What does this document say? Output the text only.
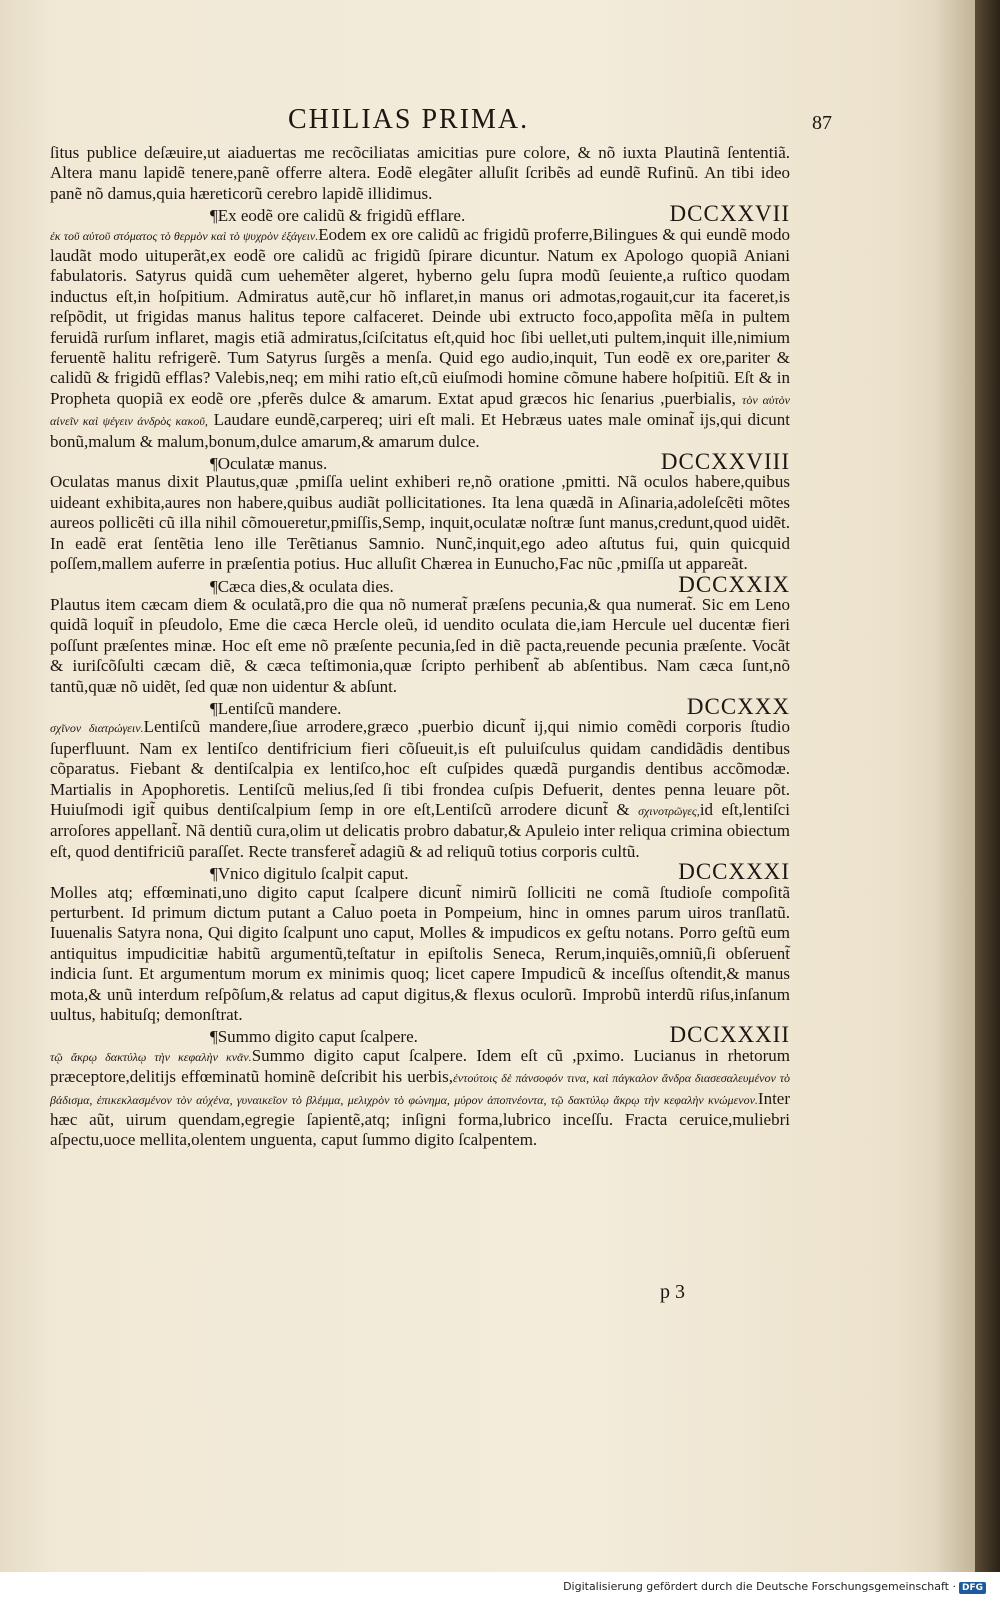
CHILIAS PRIMA.	87

ſitus publice deſæuire,ut aiaduertas me recõciliatas amicitias pure colore, & nõ iuxta Plautinã ſententiã. Altera manu lapidẽ tenere,panẽ offerre altera. Eodẽ elegãter alluſit ſcribẽs ad eundẽ Rufinũ. An tibi ideo panẽ nõ damus,quia hæreticorũ cerebro lapidẽ illidimus.

¶Ex eodẽ ore calidũ & frigidũ efflare.	DCCXXVII

ἐκ τοῦ αὐτοῦ στόματος τὸ θερμὸν καὶ τὸ ψυχρὸν ἐξάγειν.Eodem ex ore calidũ ac frigidũ proferre,Bilingues & qui eundẽ modo laudãt modo uituperãt,ex eodẽ ore calidũ ac frigidũ ſpirare dicuntur. Natum ex Apologo quopiã Aniani fabulatoris. Satyrus quidã cum uehemẽter algeret, hyberno gelu ſupra modũ ſeuiente,a ruſtico quodam inductus eſt,in hoſpitium. Admiratus autẽ,cur hõ inflaret,in manus ori admotas,rogauit,cur ita faceret,is reſpõdit, ut frigidas manus halitus tepore calfaceret. Deinde ubi extructo foco,appoſita mẽſa in pultem feruidã rurſum inflaret, magis etiã admiratus,ſciſcitatus eſt,quid hoc ſibi uellet,uti pultem,inquit ille,nimium feruentẽ halitu refrigerẽ. Tum Satyrus ſurgẽs a menſa. Quid ego audio,inquit, Tun eodẽ ex ore,pariter & calidũ & frigidũ efflas? Valebis,neq; em mihi ratio eſt,cũ eiuſmodi homine cõmune habere hoſpitiũ. Eſt & in Propheta quopiã ex eodẽ ore ,pferẽs dulce & amarum. Extat apud græcos hic ſenarius ,puerbialis, τὸν αὐτὸν αἰνεῖν καὶ ψέγειν ἀνδρὸς κακοῦ, Laudare eundẽ,carpereq; uiri eſt mali. Et Hebræus uates male ominat̃ ijs,qui dicunt bonũ,malum & malum,bonum,dulce amarum,& amarum dulce.

¶Oculatæ manus.	DCCXXVIII

Oculatas manus dixit Plautus,quæ ,pmiſſa uelint exhiberi re,nõ oratione ,pmitti. Nã oculos habere,quibus uideant exhibita,aures non habere,quibus audiãt pollicitationes. Ita lena quædã in Aſinaria,adoleſcẽti mõtes aureos pollicẽti cũ illa nihil cõmoueretur,pmiſſis,Semp, inquit,oculatæ noſtræ ſunt manus,credunt,quod uidẽt. In eadẽ erat ſentẽtia leno ille Terẽtianus Samnio. Nunc̃,inquit,ego adeo aſtutus fui, quin quicquid poſſem,mallem auferre in præſentia potius. Huc alluſit Chærea in Eunucho,Fac nũc ,pmiſſa ut appareãt.

¶Cæca dies,& oculata dies.	DCCXXIX

Plautus item cæcam diem & oculatã,pro die qua nõ numerat̃ præſens pecunia,& qua numerat̃. Sic em Leno quidã loquit̃ in pſeudolo, Eme die cæca Hercle oleũ, id uendito oculata die,iam Hercule uel ducentæ fieri poſſunt præſentes minæ. Hoc eſt eme nõ præſente pecunia,ſed in diẽ pacta,reuende pecunia præſente. Vocãt & iuriſcõſulti cæcam diẽ, & cæca teſtimonia,quæ ſcripto perhibent̃ ab abſentibus. Nam cæca ſunt,nõ tantũ,quæ nõ uidẽt, ſed quæ non uidentur & abſunt.

¶Lentiſcũ mandere.	DCCXXX

σχῖνον διατρώγειν.Lentiſcũ mandere,ſiue arrodere,græco ,puerbio dicunt̃ ij,qui nimio comẽdi corporis ſtudio ſuperfluunt. Nam ex lentiſco dentifricium fieri cõſueuit,is eſt puluiſculus quidam candidãdis dentibus cõparatus. Fiebant & dentiſcalpia ex lentiſco,hoc eſt cuſpides quædã purgandis dentibus accõmodæ. Martialis in Apophoretis. Lentiſcũ melius,ſed ſi tibi frondea cuſpis Defuerit, dentes penna leuare põt. Huiuſmodi igit̃ quibus dentiſcalpium ſemp in ore eſt,Lentiſcũ arrodere dicunt̃ & σχινοτρῶγες,id eſt,lentiſci arroſores appellant̃. Nã dentiũ cura,olim ut delicatis probro dabatur,& Apuleio inter reliqua crimina obiectum eſt, quod dentifriciũ paraſſet. Recte transferet̃ adagiũ & ad reliquũ totius corporis cultũ.

¶Vnico digitulo ſcalpit caput.	DCCXXXI

Molles atq; effœminati,uno digito caput ſcalpere dicunt̃ nimirũ ſolliciti ne comã ſtudioſe compoſitã perturbent. Id primum dictum putant a Caluo poeta in Pompeium, hinc in omnes parum uiros tranſlatũ. Iuuenalis Satyra nona, Qui digito ſcalpunt uno caput, Molles & impudicos ex geſtu notans. Porro geſtũ eum antiquitus impudicitiæ habitũ argumentũ,teſtatur in epiſtolis Seneca, Rerum,inquiẽs,omniũ,ſi obſeruent̃ indicia ſunt. Et argumentum morum ex minimis quoq; licet capere Impudicũ & inceſſus oſtendit,& manus mota,& unũ interdum reſpõſum,& relatus ad caput digitus,& flexus oculorũ. Improbũ interdũ riſus,inſanum uultus, habituſq; demonſtrat.

¶Summo digito caput ſcalpere.	DCCXXXII

τῷ ἄκρῳ δακτύλῳ τὴν κεφαλὴν κνᾶν.Summo digito caput ſcalpere. Idem eſt cũ ,pximo. Lucianus in rhetorum præceptore,delitijs effœminatũ hominẽ deſcribit his uerbis,ἐντούτοις δὲ πάνσοφόν τινα, καὶ πάγκαλον ἄνδρα διασεσαλευμένον τὸ βάδισμα, ἐπικεκλασμένον τὸν αὐχένα, γυναικεῖον τὸ βλέμμα, μελιχρὸν τὸ φώνημα, μύρον ἀποπνέοντα, τῷ δακτύλῳ ἄκρῳ τὴν κεφαλὴν κνώμενον.Inter hæc aũt, uirum quendam,egregie ſapientẽ,atq; inſigni forma,lubrico inceſſu. Fracta ceruice,muliebri aſpectu,uoce mellita,olentem unguenta, caput ſummo digito ſcalpentem.

p 3
Digitalisierung gefördert durch die Deutsche Forschungsgemeinschaft · DFG
